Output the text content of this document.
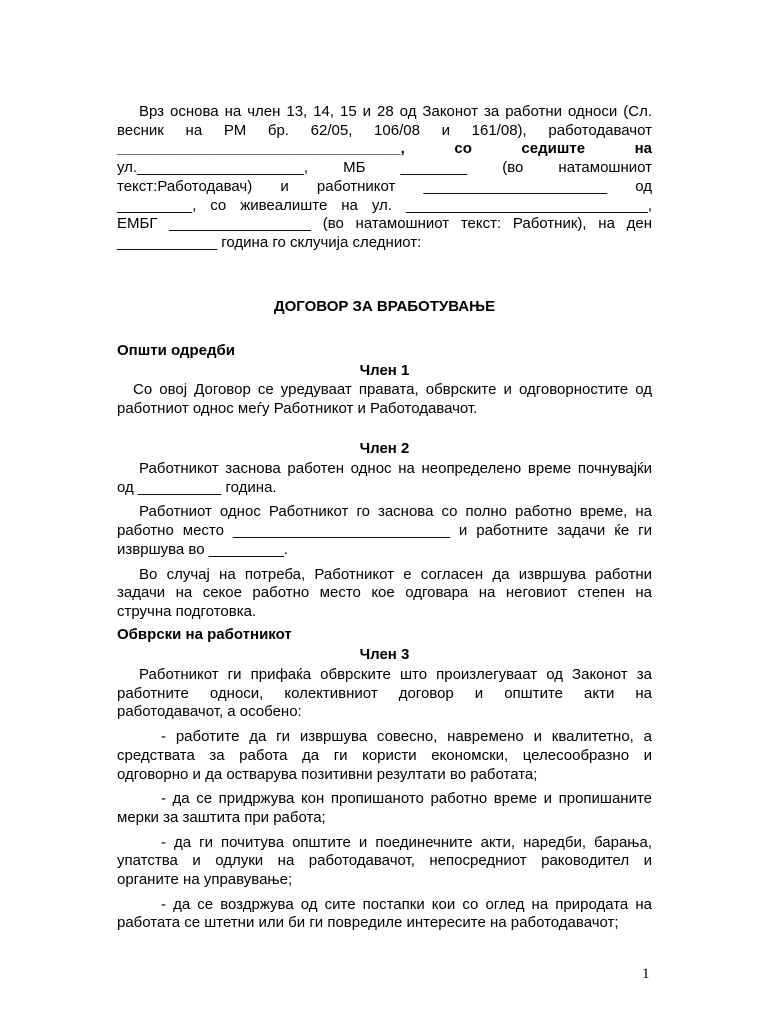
Врз основа на член 13, 14, 15 и 28 од Законот за работни односи (Сл.
весник на РМ бр. 62/05, 106/08 и 161/08), работодавачот
__________________________________, со седиште на
ул.____________________, МБ ________ (во натамошниот
текст:Работодавач) и работникот ______________________ од
_________, со живеалиште на ул. _____________________________,
ЕМБГ _________________ (во натамошниот текст: Работник), на ден
____________ година го склучија следниот:
ДОГОВОР ЗА ВРАБОТУВАЊЕ
Општи одредби
Член 1
Со овој Договор се уредуваат правата, обврските и одговорностите од
работниот однос меѓу Работникот и Работодавачот.
Член 2
Работникот заснова работен однос на неопределено време почнувајќи
од __________ година.
Работниот однос Работникот го заснова со полно работно време, на
работно место __________________________ и работните задачи ќе ги
извршува во _________.
Во случај на потреба, Работникот е согласен да извршува работни
задачи на секое работно место кое одговара на неговиот степен на
стручна подготовка.
Обврски на работникот
Член 3
Работникот ги прифаќа обврските што произлегуваат од Законот за
работните односи, колективниот договор и општите акти на
работодавачот, а особено:
- работите да ги извршува совесно, навремено и квалитетно, а
средствата за работа да ги користи економски, целесообразно и
одговорно и да остварува позитивни резултати во работата;
- да се придржува кон пропишаното работно време и пропишаните
мерки за заштита при работа;
- да ги почитува општите и поединечните акти, наредби, барања,
упатства и одлуки на работодавачот, непосредниот раководител и
органите на управување;
- да се воздржува од сите постапки кои со оглед на природата на
работата се штетни или би ги повредиле интересите на работодавачот;
1
